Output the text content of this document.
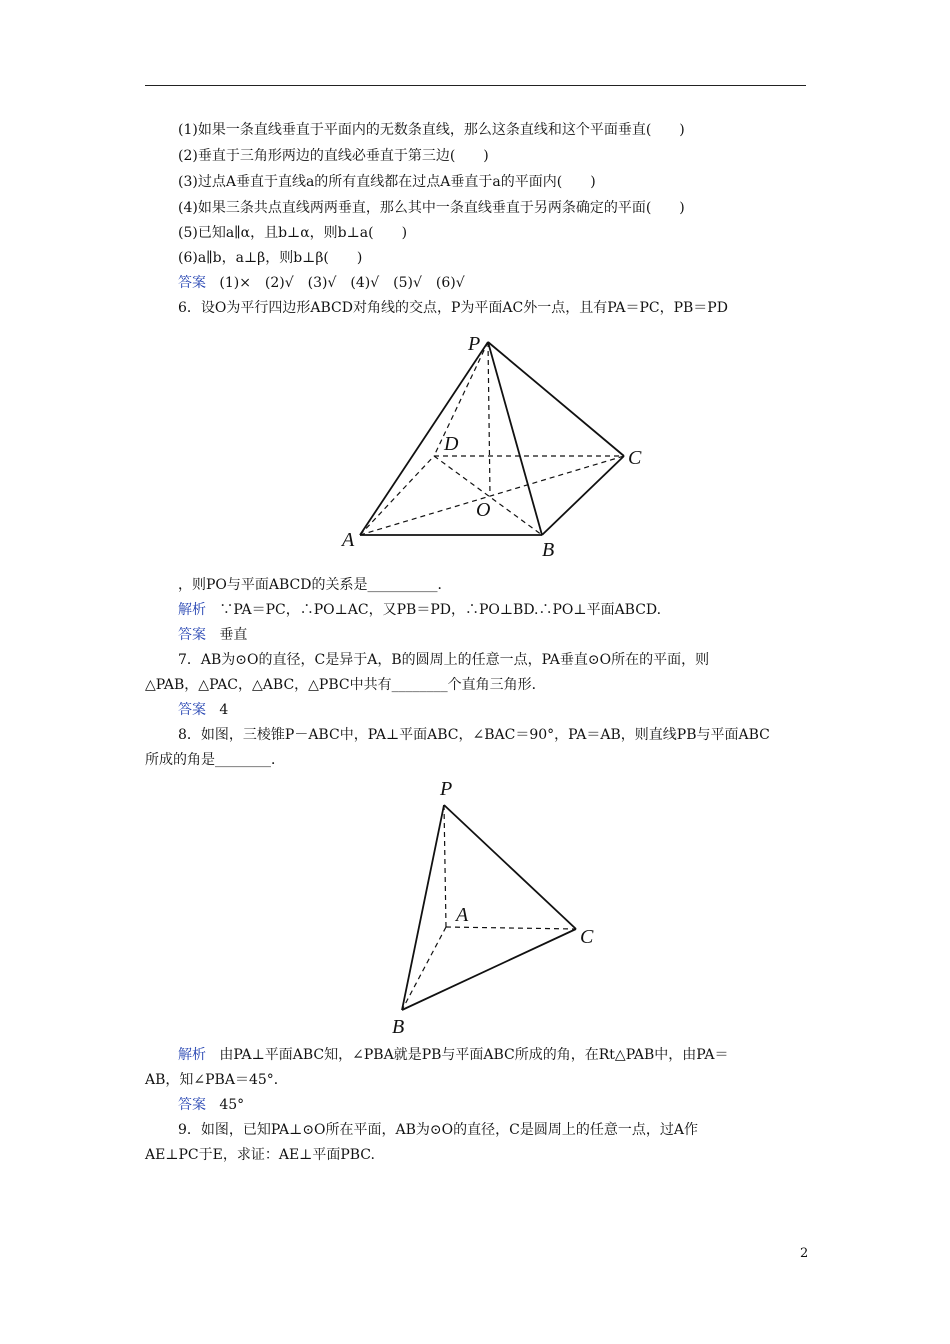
(1)如果一条直线垂直于平面内的无数条直线，那么这条直线和这个平面垂直(　　)
(2)垂直于三角形两边的直线必垂直于第三边(　　)
(3)过点A垂直于直线a的所有直线都在过点A垂直于a的平面内(　　)
(4)如果三条共点直线两两垂直，那么其中一条直线垂直于另两条确定的平面(　　)
(5)已知a∥α，且b⊥α，则b⊥a(　　)
(6)a∥b，a⊥β，则b⊥β(　　)
答案 (1)×　(2)√　(3)√　(4)√　(5)√　(6)√
6．设O为平行四边形ABCD对角线的交点，P为平面AC外一点，且有PA＝PC，PB＝PD
P
D
C
O
A	B
，则PO与平面ABCD的关系是__________．
解析 ∵PA＝PC，∴PO⊥AC，又PB＝PD，∴PO⊥BD.∴PO⊥平面ABCD.
答案 垂直
7．AB为⊙O的直径，C是异于A，B的圆周上的任意一点，PA垂直⊙O所在的平面，则
△PAB，△PAC，△ABC，△PBC中共有________个直角三角形．
答案 4
8．如图，三棱锥P－ABC中，PA⊥平面ABC，∠BAC＝90°，PA＝AB，则直线PB与平面ABC
所成的角是________．
P
A
C
B
解析 由PA⊥平面ABC知，∠PBA就是PB与平面ABC所成的角，在Rt△PAB中，由PA＝
AB，知∠PBA＝45°．
答案 45°
9．如图，已知PA⊥⊙O所在平面，AB为⊙O的直径，C是圆周上的任意一点，过A作
AE⊥PC于E，求证：AE⊥平面PBC.
2
